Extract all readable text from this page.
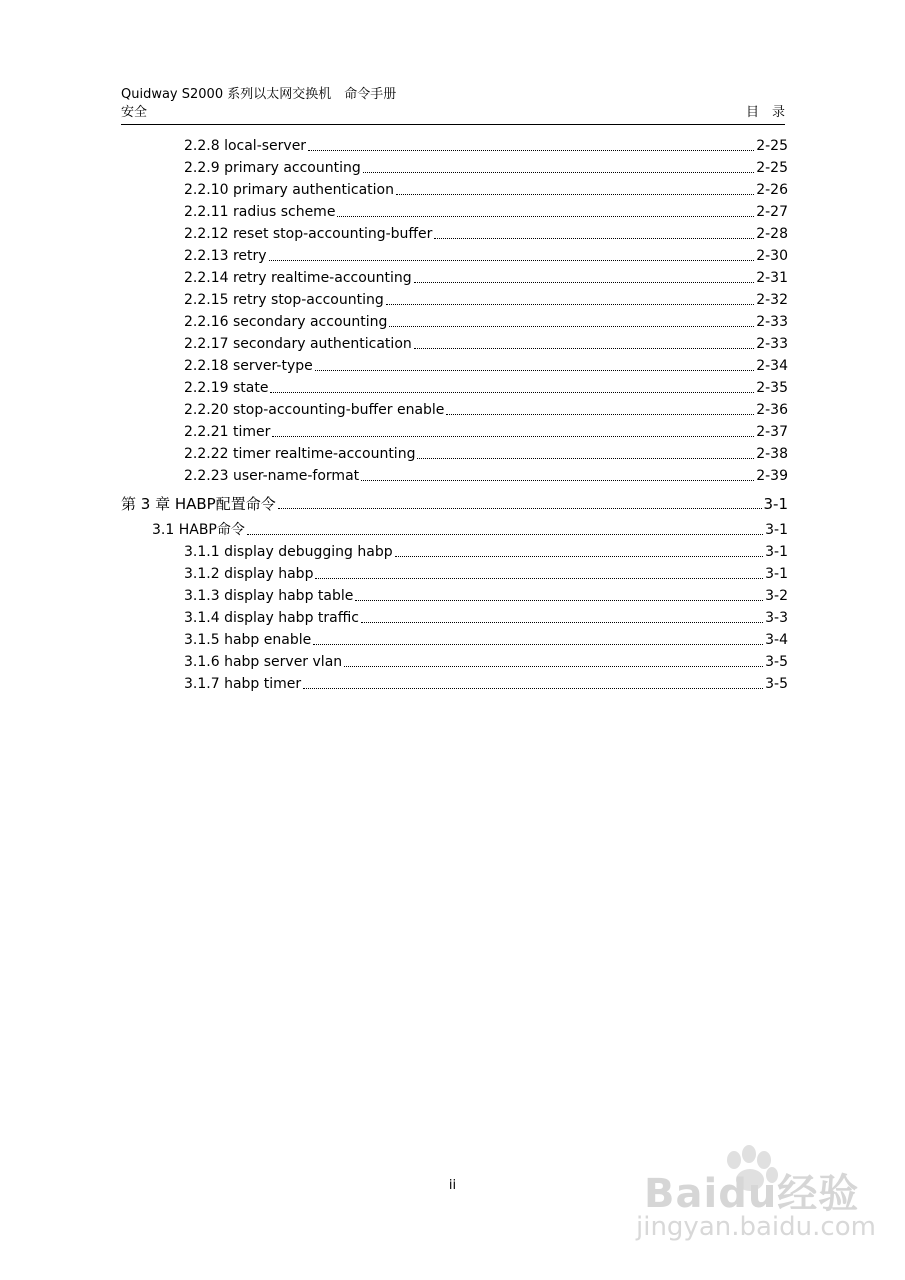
Quidway S2000 系列以太网交换机　命令手册
安全	目　录
2.2.8 local-server	2-25
2.2.9 primary accounting	2-25
2.2.10 primary authentication	2-26
2.2.11 radius scheme	2-27
2.2.12 reset stop-accounting-buffer	2-28
2.2.13 retry	2-30
2.2.14 retry realtime-accounting	2-31
2.2.15 retry stop-accounting	2-32
2.2.16 secondary accounting	2-33
2.2.17 secondary authentication	2-33
2.2.18 server-type	2-34
2.2.19 state	2-35
2.2.20 stop-accounting-buffer enable	2-36
2.2.21 timer	2-37
2.2.22 timer realtime-accounting	2-38
2.2.23 user-name-format	2-39
第 3 章 HABP配置命令	3-1
3.1 HABP命令	3-1
3.1.1 display debugging habp	3-1
3.1.2 display habp	3-1
3.1.3 display habp table	3-2
3.1.4 display habp traffic	3-3
3.1.5 habp enable	3-4
3.1.6 habp server vlan	3-5
3.1.7 habp timer	3-5
ii	Baidu经验
jingyan.baidu.com
